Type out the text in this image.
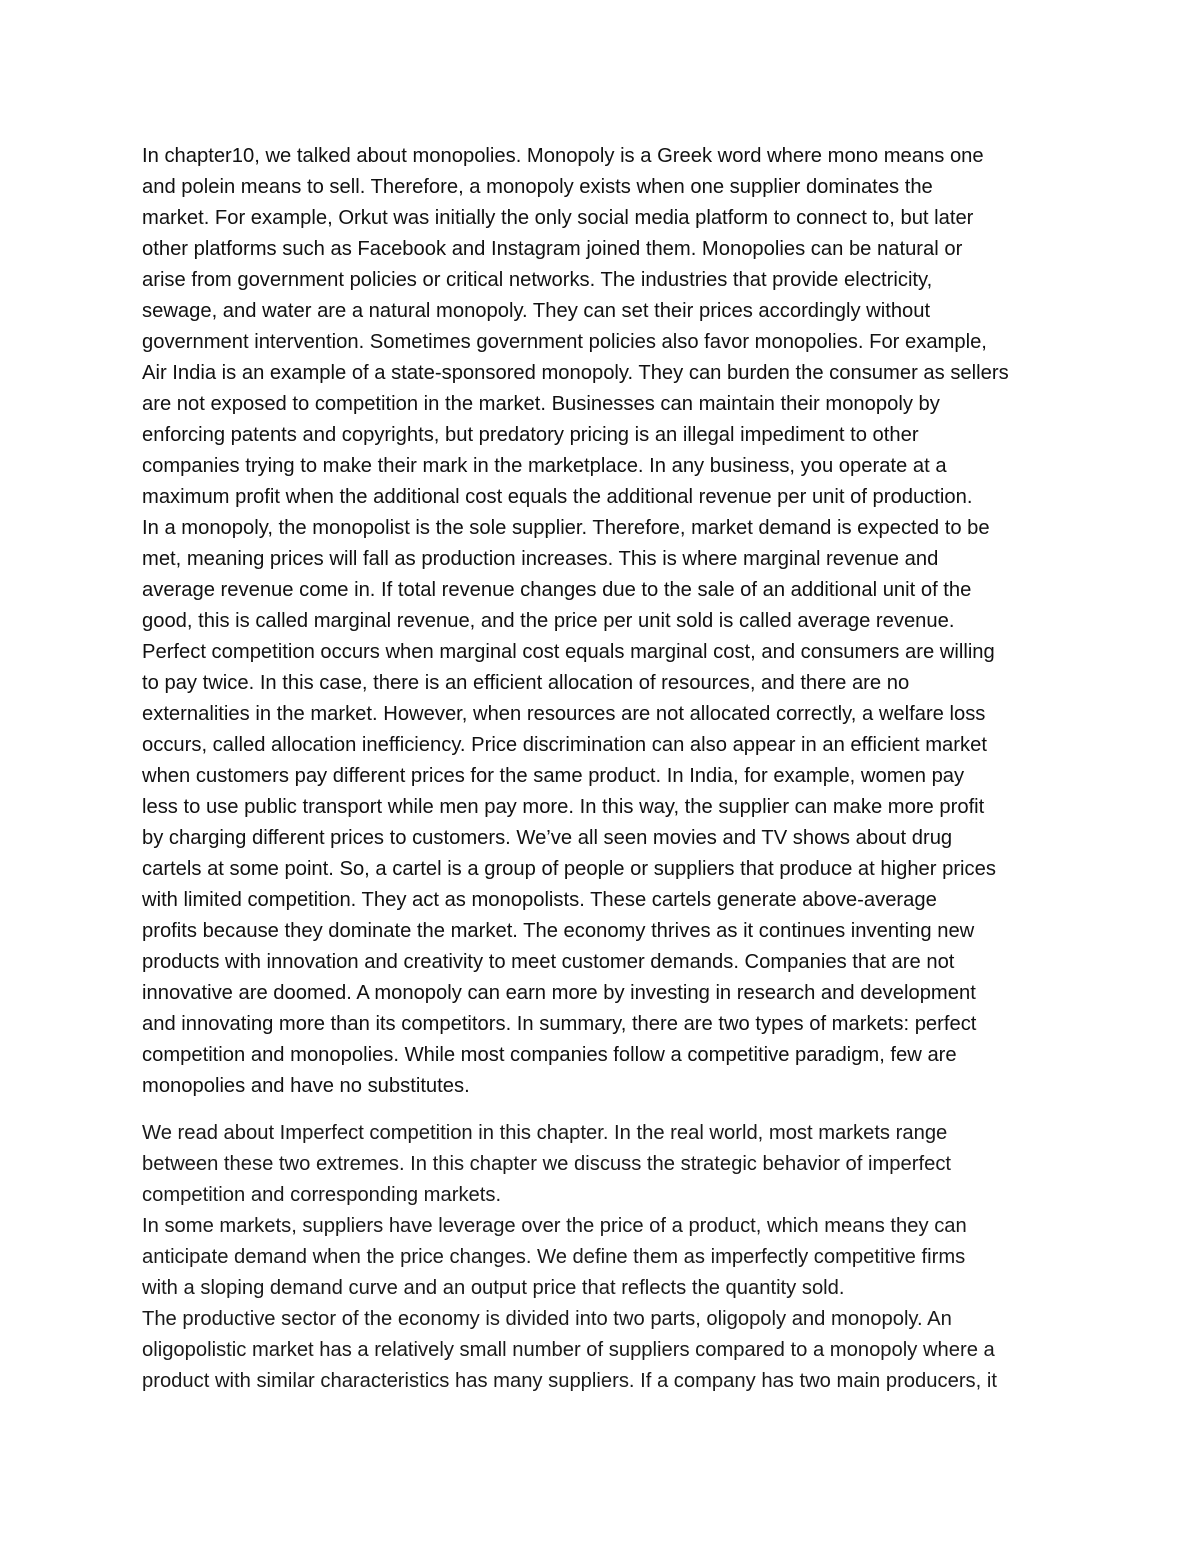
In chapter10, we talked about monopolies. Monopoly is a Greek word where mono means one
and polein means to sell. Therefore, a monopoly exists when one supplier dominates the
market. For example, Orkut was initially the only social media platform to connect to, but later
other platforms such as Facebook and Instagram joined them. Monopolies can be natural or
arise from government policies or critical networks. The industries that provide electricity,
sewage, and water are a natural monopoly. They can set their prices accordingly without
government intervention. Sometimes government policies also favor monopolies. For example,
Air India is an example of a state-sponsored monopoly. They can burden the consumer as sellers
are not exposed to competition in the market. Businesses can maintain their monopoly by
enforcing patents and copyrights, but predatory pricing is an illegal impediment to other
companies trying to make their mark in the marketplace. In any business, you operate at a
maximum profit when the additional cost equals the additional revenue per unit of production.
In a monopoly, the monopolist is the sole supplier. Therefore, market demand is expected to be
met, meaning prices will fall as production increases. This is where marginal revenue and
average revenue come in. If total revenue changes due to the sale of an additional unit of the
good, this is called marginal revenue, and the price per unit sold is called average revenue.
Perfect competition occurs when marginal cost equals marginal cost, and consumers are willing
to pay twice. In this case, there is an efficient allocation of resources, and there are no
externalities in the market. However, when resources are not allocated correctly, a welfare loss
occurs, called allocation inefficiency. Price discrimination can also appear in an efficient market
when customers pay different prices for the same product. In India, for example, women pay
less to use public transport while men pay more. In this way, the supplier can make more profit
by charging different prices to customers. We’ve all seen movies and TV shows about drug
cartels at some point. So, a cartel is a group of people or suppliers that produce at higher prices
with limited competition. They act as monopolists. These cartels generate above-average
profits because they dominate the market. The economy thrives as it continues inventing new
products with innovation and creativity to meet customer demands. Companies that are not
innovative are doomed. A monopoly can earn more by investing in research and development
and innovating more than its competitors. In summary, there are two types of markets: perfect
competition and monopolies. While most companies follow a competitive paradigm, few are
monopolies and have no substitutes.
We read about Imperfect competition in this chapter. In the real world, most markets range
between these two extremes. In this chapter we discuss the strategic behavior of imperfect
competition and corresponding markets.
In some markets, suppliers have leverage over the price of a product, which means they can
anticipate demand when the price changes. We define them as imperfectly competitive firms
with a sloping demand curve and an output price that reflects the quantity sold.
The productive sector of the economy is divided into two parts, oligopoly and monopoly. An
oligopolistic market has a relatively small number of suppliers compared to a monopoly where a
product with similar characteristics has many suppliers. If a company has two main producers, it
